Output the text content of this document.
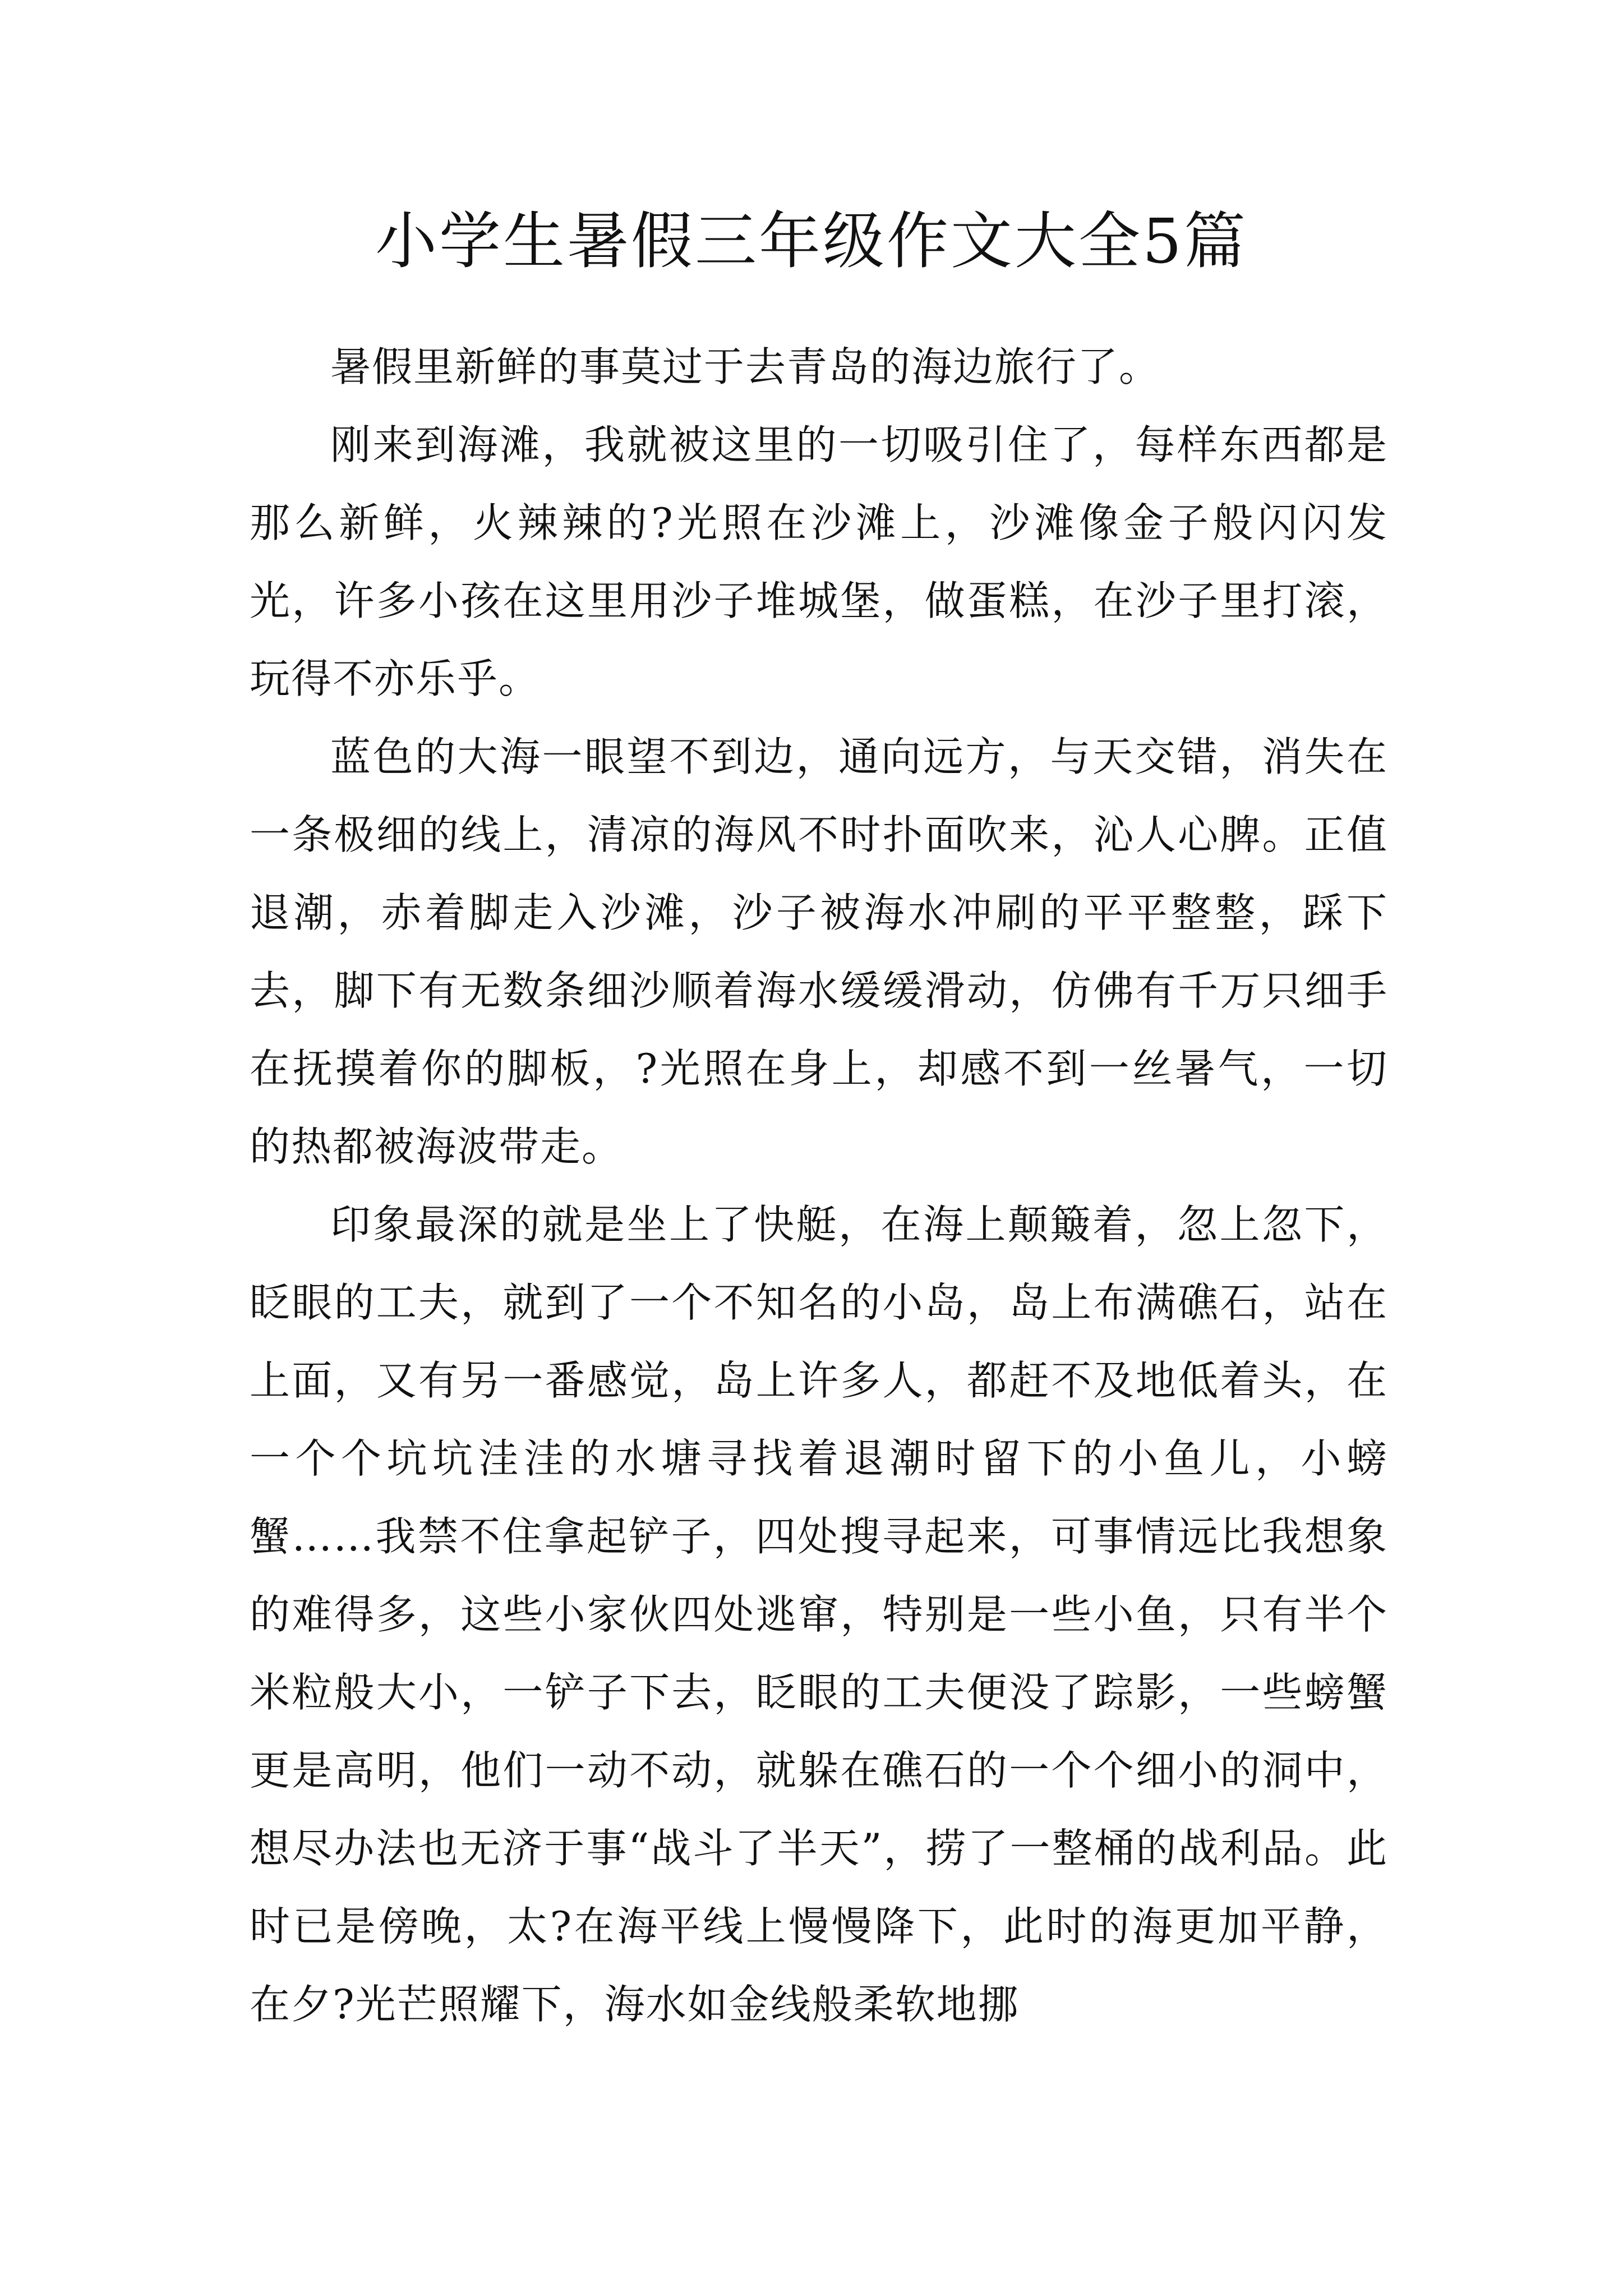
小学生暑假三年级作文大全5篇

暑假里新鲜的事莫过于去青岛的海边旅行了。

刚来到海滩，我就被这里的一切吸引住了，每样东西都是那么新鲜，火辣辣的?光照在沙滩上，沙滩像金子般闪闪发光，许多小孩在这里用沙子堆城堡，做蛋糕，在沙子里打滚，玩得不亦乐乎。

蓝色的大海一眼望不到边，通向远方，与天交错，消失在一条极细的线上，清凉的海风不时扑面吹来，沁人心脾。正值退潮，赤着脚走入沙滩，沙子被海水冲刷的平平整整，踩下去，脚下有无数条细沙顺着海水缓缓滑动，仿佛有千万只细手在抚摸着你的脚板，?光照在身上，却感不到一丝暑气，一切的热都被海波带走。

印象最深的就是坐上了快艇，在海上颠簸着，忽上忽下，眨眼的工夫，就到了一个不知名的小岛，岛上布满礁石，站在上面，又有另一番感觉，岛上许多人，都赶不及地低着头，在一个个坑坑洼洼的水塘寻找着退潮时留下的小鱼儿，小螃蟹……我禁不住拿起铲子，四处搜寻起来，可事情远比我想象的难得多，这些小家伙四处逃窜，特别是一些小鱼，只有半个米粒般大小，一铲子下去，眨眼的工夫便没了踪影，一些螃蟹更是高明，他们一动不动，就躲在礁石的一个个细小的洞中，想尽办法也无济于事“战斗了半天”，捞了一整桶的战利品。此时已是傍晚，太?在海平线上慢慢降下，此时的海更加平静，在夕?光芒照耀下，海水如金线般柔软地挪
